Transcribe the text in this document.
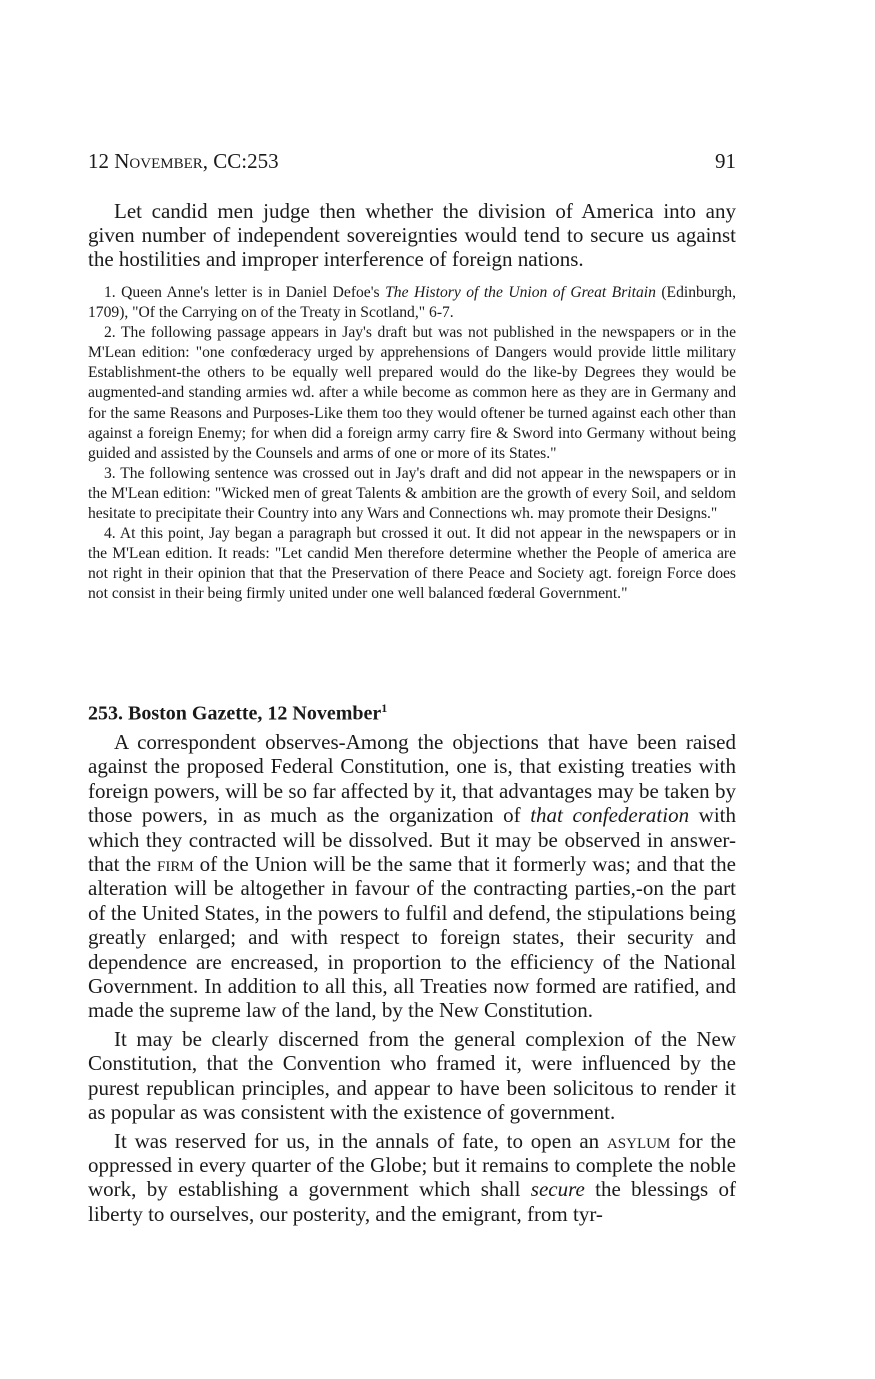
12 November, CC:253	91

Let candid men judge then whether the division of America into any given number of independent sovereignties would tend to secure us against the hostilities and improper interference of foreign nations.

1. Queen Anne's letter is in Daniel Defoe's The History of the Union of Great Britain (Edinburgh, 1709), "Of the Carrying on of the Treaty in Scotland," 6-7.

2. The following passage appears in Jay's draft but was not published in the newspapers or in the M'Lean edition: "one confœderacy urged by apprehensions of Dangers would provide little military Establishment-the others to be equally well prepared would do the like-by Degrees they would be augmented-and standing armies wd. after a while become as common here as they are in Germany and for the same Reasons and Purposes-Like them too they would oftener be turned against each other than against a foreign Enemy; for when did a foreign army carry fire & Sword into Germany without being guided and assisted by the Counsels and arms of one or more of its States."

3. The following sentence was crossed out in Jay's draft and did not appear in the newspapers or in the M'Lean edition: "Wicked men of great Talents & ambition are the growth of every Soil, and seldom hesitate to precipitate their Country into any Wars and Connections wh. may promote their Designs."

4. At this point, Jay began a paragraph but crossed it out. It did not appear in the newspapers or in the M'Lean edition. It reads: "Let candid Men therefore determine whether the People of america are not right in their opinion that that the Preservation of there Peace and Society agt. foreign Force does not consist in their being firmly united under one well balanced fœderal Government."

253. Boston Gazette, 12 November$^1$

A correspondent observes-Among the objections that have been raised against the proposed Federal Constitution, one is, that existing treaties with foreign powers, will be so far affected by it, that advantages may be taken by those powers, in as much as the organization of that confederation with which they contracted will be dissolved. But it may be observed in answer-that the firm of the Union will be the same that it formerly was; and that the alteration will be altogether in favour of the contracting parties,-on the part of the United States, in the powers to fulfil and defend, the stipulations being greatly enlarged; and with respect to foreign states, their security and dependence are encreased, in proportion to the efficiency of the National Government. In addition to all this, all Treaties now formed are ratified, and made the supreme law of the land, by the New Constitution.

It may be clearly discerned from the general complexion of the New Constitution, that the Convention who framed it, were influenced by the purest republican principles, and appear to have been solicitous to render it as popular as was consistent with the existence of government.

It was reserved for us, in the annals of fate, to open an asylum for the oppressed in every quarter of the Globe; but it remains to complete the noble work, by establishing a government which shall secure the blessings of liberty to ourselves, our posterity, and the emigrant, from tyr-
